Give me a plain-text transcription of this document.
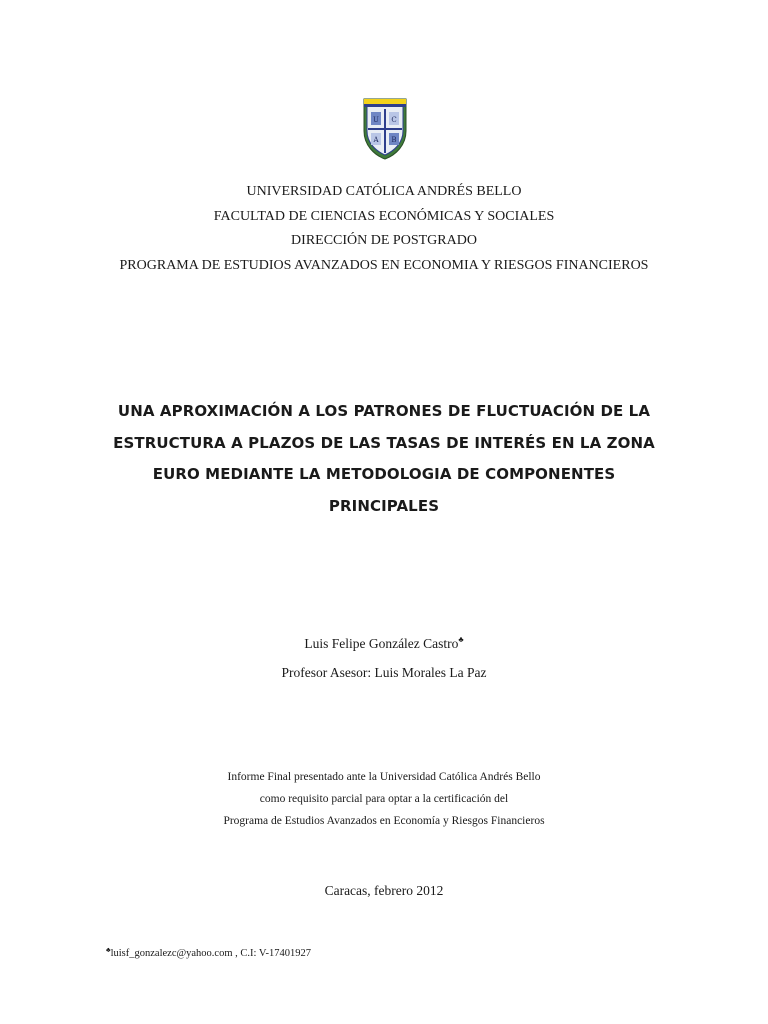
U C
A B
UNIVERSIDAD CATÓLICA ANDRÉS BELLO
FACULTAD DE CIENCIAS ECONÓMICAS Y SOCIALES
DIRECCIÓN DE POSTGRADO
PROGRAMA DE ESTUDIOS AVANZADOS EN ECONOMIA Y RIESGOS FINANCIEROS
UNA APROXIMACIÓN A LOS PATRONES DE FLUCTUACIÓN DE LA
ESTRUCTURA A PLAZOS DE LAS TASAS DE INTERÉS EN LA ZONA
EURO MEDIANTE LA METODOLOGIA DE COMPONENTES
PRINCIPALES
Luis Felipe González Castro♣
Profesor Asesor: Luis Morales La Paz
Informe Final presentado ante la Universidad Católica Andrés Bello
como requisito parcial para optar a la certificación del
Programa de Estudios Avanzados en Economía y Riesgos Financieros
Caracas, febrero 2012
♣luisf_gonzalezc@yahoo.com , C.I: V-17401927
